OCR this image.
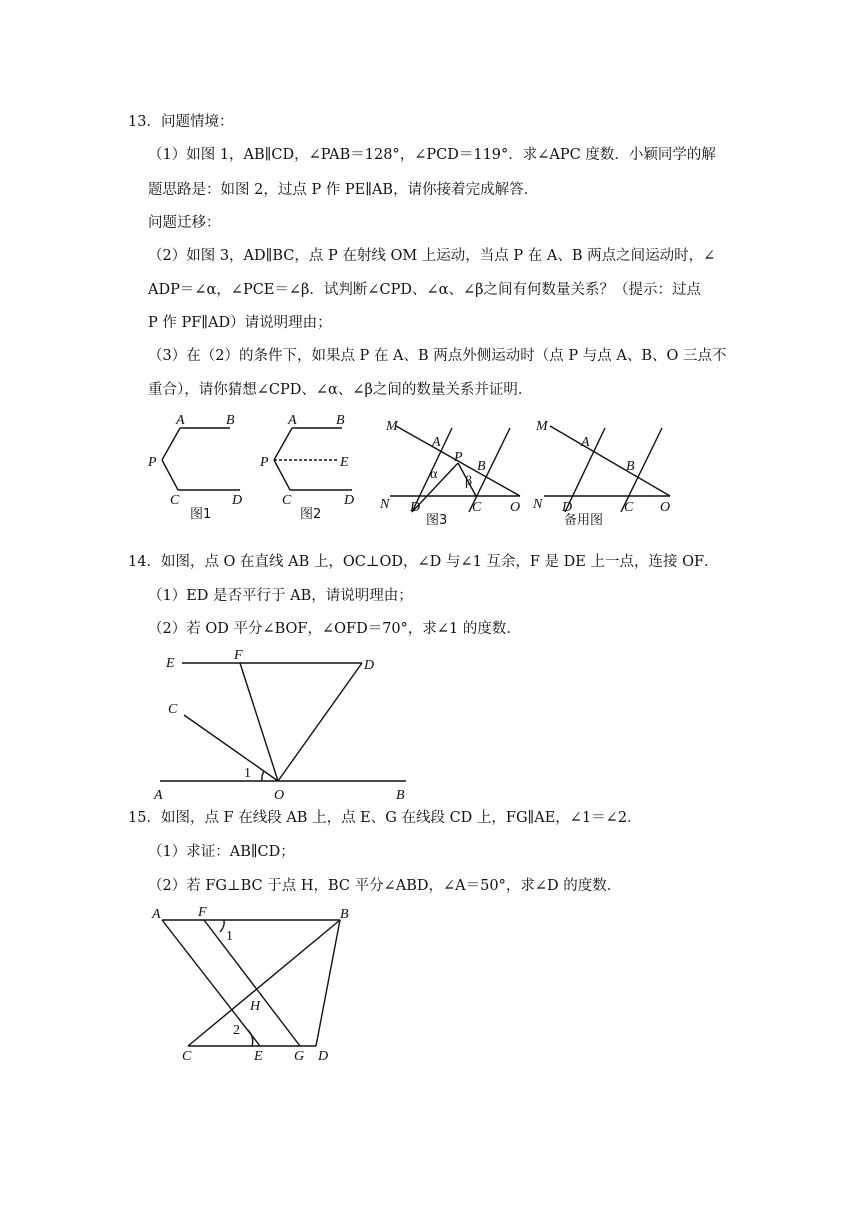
13．问题情境：
（1）如图 1，AB∥CD，∠PAB＝128°，∠PCD＝119°．求∠APC 度数．小颖同学的解
题思路是：如图 2，过点 P 作 PE∥AB，请你接着完成解答．
问题迁移：
（2）如图 3，AD∥BC，点 P 在射线 OM 上运动，当点 P 在 A、B 两点之间运动时，∠
ADP＝∠α，∠PCE＝∠β．试判断∠CPD、∠α、∠β之间有何数量关系？（提示：过点
P 作 PF∥AD）请说明理由；
（3）在（2）的条件下，如果点 P 在 A、B 两点外侧运动时（点 P 与点 A、B、O 三点不
重合），请你猜想∠CPD、∠α、∠β之间的数量关系并证明．
A	B
P
C	D
图1
A	B
P	E
C	D
图2
M
A
P
B
α β
N D	C O
图3
M
A
B
N D	C O
备用图
14．如图，点 O 在直线 AB 上，OC⊥OD，∠D 与∠1 互余，F 是 DE 上一点，连接 OF．
（1）ED 是否平行于 AB，请说明理由；
（2）若 OD 平分∠BOF，∠OFD＝70°，求∠1 的度数．
E
F
D
C
1
A	O	B
15．如图，点 F 在线段 AB 上，点 E、G 在线段 CD 上，FG∥AE，∠1＝∠2．
（1）求证：AB∥CD；
（2）若 FG⊥BC 于点 H，BC 平分∠ABD，∠A＝50°，求∠D 的度数．
A	F	B
1
H
2
C	E G D
